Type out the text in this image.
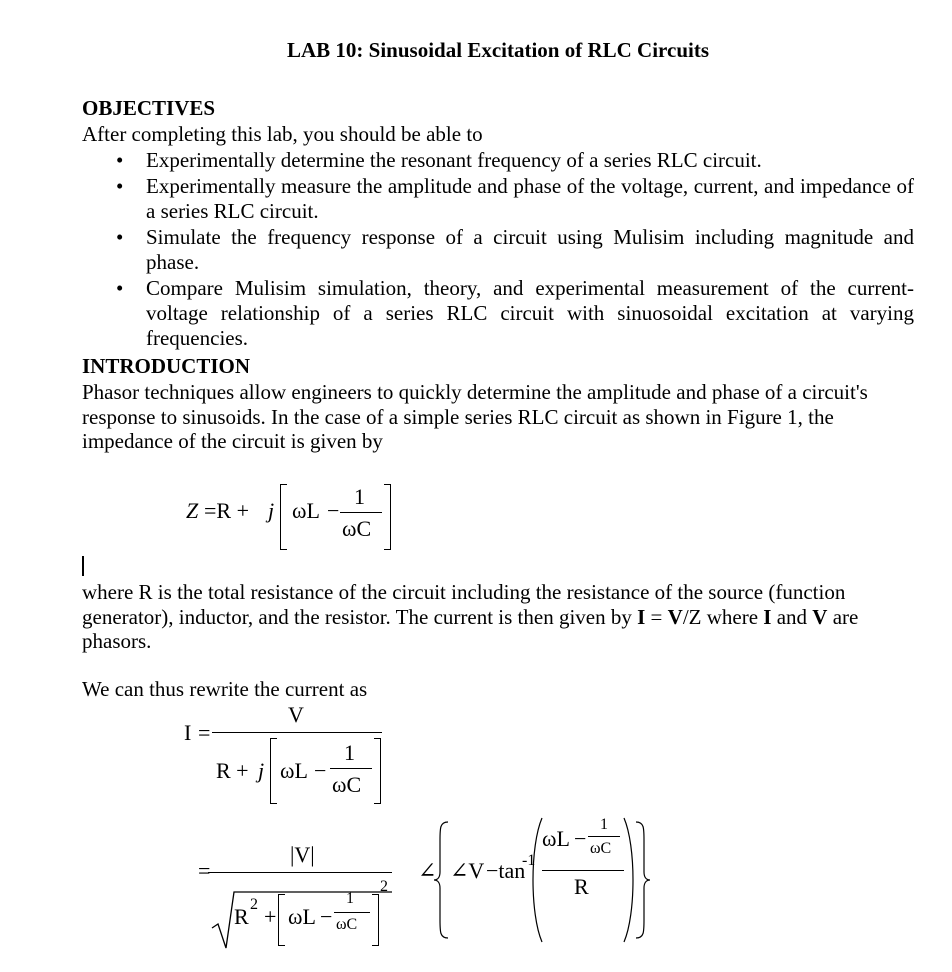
LAB 10: Sinusoidal Excitation of RLC Circuits
OBJECTIVES
After completing this lab, you should be able to
• Experimentally determine the resonant frequency of a series RLC circuit.
• Experimentally measure the amplitude and phase of the voltage, current, and impedance of a series RLC circuit.
• Simulate the frequency response of a circuit using Mulisim including magnitude and phase.
• Compare Mulisim simulation, theory, and experimental measurement of the current-voltage relationship of a series RLC circuit with sinuosoidal excitation at varying frequencies.
INTRODUCTION
Phasor techniques allow engineers to quickly determine the amplitude and phase of a circuit's response to sinusoids. In the case of a simple series RLC circuit as shown in Figure 1, the impedance of the circuit is given by
Z =R + j ωL −
1
ωC
where R is the total resistance of the circuit including the resistance of the source (function generator), inductor, and the resistor. The current is then given by I = V/Z where I and V are phasors.
We can thus rewrite the current as
I =
V
R + j ωL −
1
ωC
=
|V|
R 2 + ωL −
1
ωC
2
∠ ∠V −tan
-1
ωL −
1
ωC
R
